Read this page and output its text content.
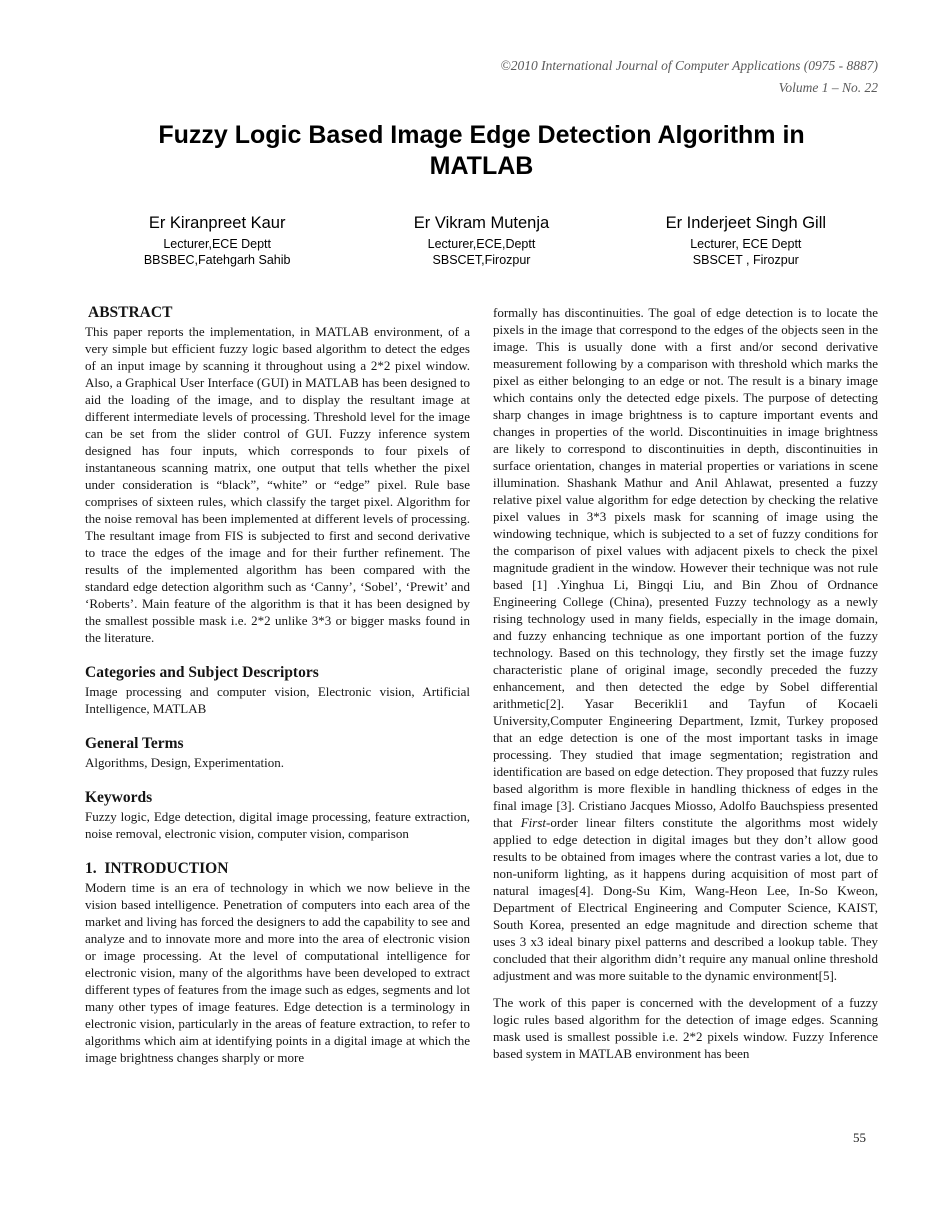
©2010 International Journal of Computer Applications (0975 - 8887)
Volume 1 – No. 22
Fuzzy Logic Based Image Edge Detection Algorithm in
MATLAB
Er Kiranpreet Kaur
Lecturer,ECE Deptt
BBSBEC,Fatehgarh Sahib
Er Vikram Mutenja
Lecturer,ECE,Deptt
SBSCET,Firozpur
Er Inderjeet Singh Gill
Lecturer, ECE Deptt
SBSCET , Firozpur
ABSTRACT

This paper reports the implementation, in MATLAB environment, of a very simple but efficient fuzzy logic based algorithm to detect the edges of an input image by scanning it throughout using a 2*2 pixel window. Also, a Graphical User Interface (GUI) in MATLAB has been designed to aid the loading of the image, and to display the resultant image at different intermediate levels of processing. Threshold level for the image can be set from the slider control of GUI. Fuzzy inference system designed has four inputs, which corresponds to four pixels of instantaneous scanning matrix, one output that tells whether the pixel under consideration is “black”, “white” or “edge” pixel. Rule base comprises of sixteen rules, which classify the target pixel. Algorithm for the noise removal has been implemented at different levels of processing. The resultant image from FIS is subjected to first and second derivative to trace the edges of the image and for their further refinement. The results of the implemented algorithm has been compared with the standard edge detection algorithm such as ‘Canny’, ‘Sobel’, ‘Prewit’ and ‘Roberts’. Main feature of the algorithm is that it has been designed by the smallest possible mask i.e. 2*2 unlike 3*3 or bigger masks found in the literature.

Categories and Subject Descriptors

Image processing and computer vision, Electronic vision, Artificial Intelligence, MATLAB

General Terms

Algorithms, Design, Experimentation.

Keywords

Fuzzy logic, Edge detection, digital image processing, feature extraction, noise removal, electronic vision, computer vision, comparison

1.  INTRODUCTION

Modern time is an era of technology in which we now believe in the vision based intelligence. Penetration of computers into each area of the market and living has forced the designers to add the capability to see and analyze and to innovate more and more into the area of electronic vision or image processing. At the level of computational intelligence for electronic vision, many of the algorithms have been developed to extract different types of features from the image such as edges, segments and lot many other types of image features. Edge detection is a terminology in electronic vision, particularly in the areas of feature extraction, to refer to algorithms which aim at identifying points in a digital image at which the image brightness changes sharply or more

formally has discontinuities. The goal of edge detection is to locate the pixels in the image that correspond to the edges of the objects seen in the image. This is usually done with a first and/or second derivative measurement following by a comparison with threshold which marks the pixel as either belonging to an edge or not. The result is a binary image which contains only the detected edge pixels. The purpose of detecting sharp changes in image brightness is to capture important events and changes in properties of the world. Discontinuities in image brightness are likely to correspond to discontinuities in depth, discontinuities in surface orientation, changes in material properties or variations in scene illumination. Shashank Mathur and Anil Ahlawat, presented a fuzzy relative pixel value algorithm for edge detection by checking the relative pixel values in 3*3 pixels mask for scanning of image using the windowing technique, which is subjected to a set of fuzzy conditions for the comparison of pixel values with adjacent pixels to check the pixel magnitude gradient in the window. However their technique was not rule based [1] .Yinghua Li, Bingqi Liu, and Bin Zhou of Ordnance Engineering College (China), presented Fuzzy technology as a newly rising technology used in many fields, especially in the image domain, and fuzzy enhancing technique as one important portion of the fuzzy technology. Based on this technology, they firstly set the image fuzzy characteristic plane of original image, secondly preceded the fuzzy enhancement, and then detected the edge by Sobel differential arithmetic[2]. Yasar Becerikli1 and Tayfun of Kocaeli University,Computer Engineering Department, Izmit, Turkey proposed that an edge detection is one of the most important tasks in image processing. They studied that image segmentation; registration and identification are based on edge detection. They proposed that fuzzy rules based algorithm is more flexible in handling thickness of edges in the final image [3]. Cristiano Jacques Miosso, Adolfo Bauchspiess presented that First-order linear filters constitute the algorithms most widely applied to edge detection in digital images but they don’t allow good results to be obtained from images where the contrast varies a lot, due to non-uniform lighting, as it happens during acquisition of most part of natural images[4]. Dong-Su Kim, Wang-Heon Lee, In-So Kweon, Department of Electrical Engineering and Computer Science, KAIST, South Korea, presented an edge magnitude and direction scheme that uses 3 x3 ideal binary pixel patterns and described a lookup table. They concluded that their algorithm didn’t require any manual online threshold adjustment and was more suitable to the dynamic environment[5].

The work of this paper is concerned with the development of a fuzzy logic rules based algorithm for the detection of image edges. Scanning mask used is smallest possible i.e. 2*2 pixels window. Fuzzy Inference based system in MATLAB environment has been

55
